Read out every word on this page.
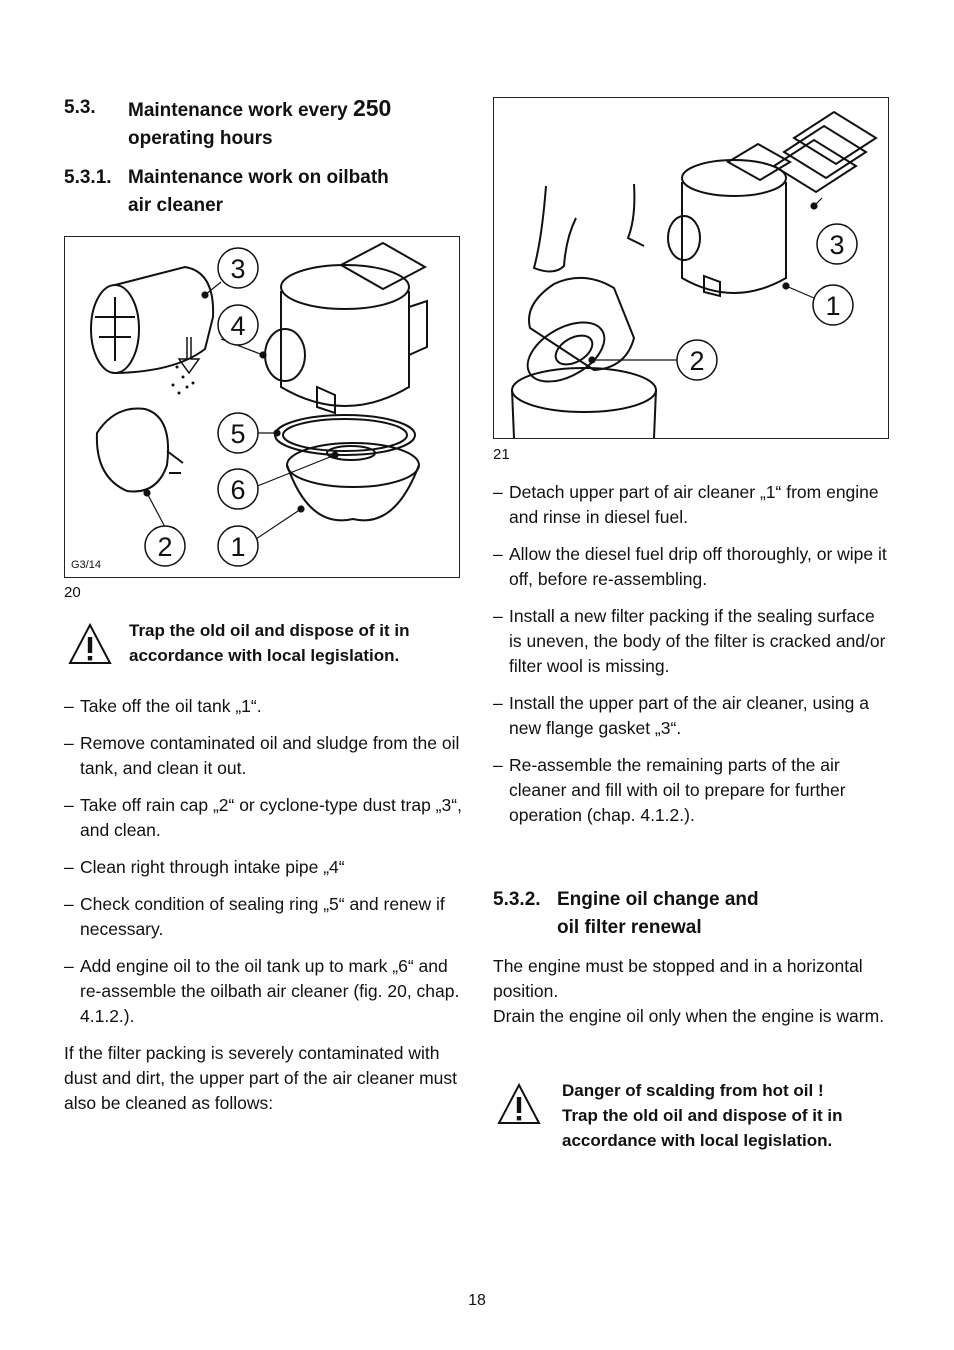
5.3. Maintenance work every 250
operating hours
5.3.1. Maintenance work on oilbath
air cleaner
3
4
5
6
2 1
G3/14
20
Trap the old oil and dispose of it in accordance with local legislation.
– Take off the oil tank „1“.
– Remove contaminated oil and sludge from the oil tank, and clean it out.
– Take off rain cap „2“ or cyclone-type dust trap „3“, and clean.
– Clean right through intake pipe „4“
– Check condition of sealing ring „5“ and renew if necessary.
– Add engine oil to the oil tank up to mark „6“ and re-assemble the oilbath air cleaner (fig. 20, chap. 4.1.2.).
If the filter packing is severely contaminated with dust and dirt, the upper part of the air cleaner must also be cleaned as follows:
3
1
2
21
– Detach upper part of air cleaner „1“ from engine and rinse in diesel fuel.
– Allow the diesel fuel drip off thoroughly, or wipe it off, before re-assembling.
– Install a new filter packing if the sealing surface is uneven, the body of the filter is cracked and/or filter wool is missing.
– Install the upper part of the air cleaner, using a new flange gasket „3“.
– Re-assemble the remaining parts of the air cleaner and fill with oil to prepare for further operation (chap. 4.1.2.).
5.3.2. Engine oil change and
oil filter renewal
The engine must be stopped and in a horizontal position.
Drain the engine oil only when the engine is warm.
Danger of scalding from hot oil !
Trap the old oil and dispose of it in
accordance with local legislation.
18
